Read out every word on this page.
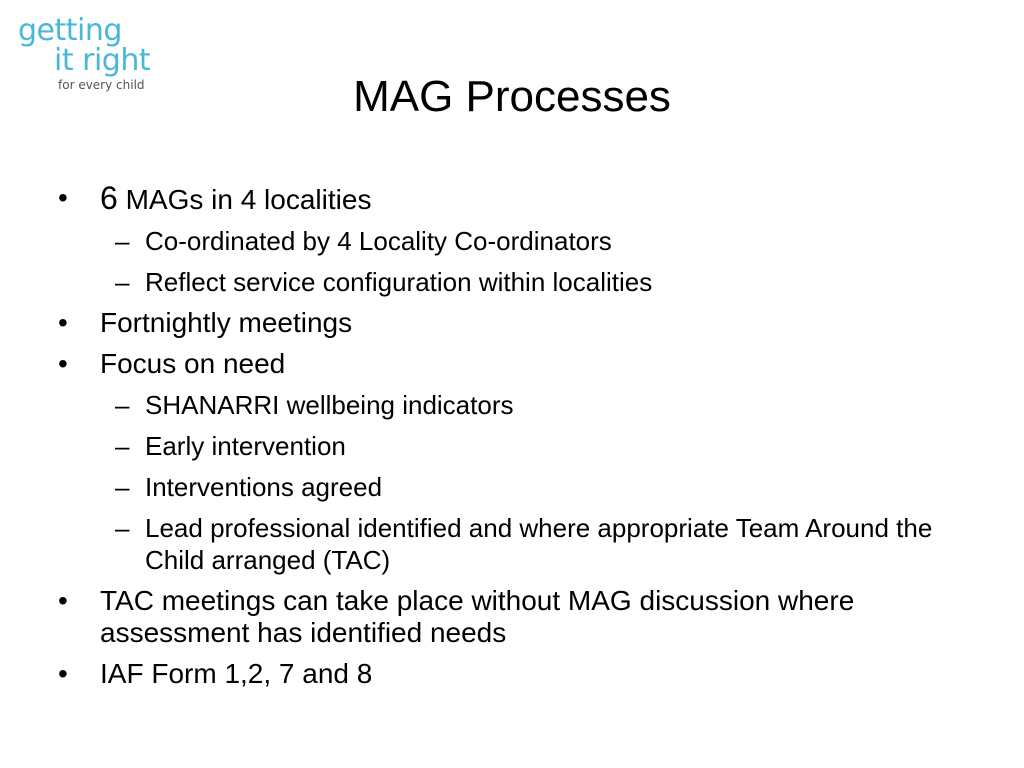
getting
it right
for every child	MAG Processes
• 6 MAGs in 4 localities
– Co-ordinated by 4 Locality Co-ordinators
– Reflect service configuration within localities
• Fortnightly meetings
• Focus on need
– SHANARRI wellbeing indicators
– Early intervention
– Interventions agreed
– Lead professional identified and where appropriate Team Around the Child arranged (TAC)
• TAC meetings can take place without MAG discussion where assessment has identified needs
• IAF Form 1,2, 7 and 8
